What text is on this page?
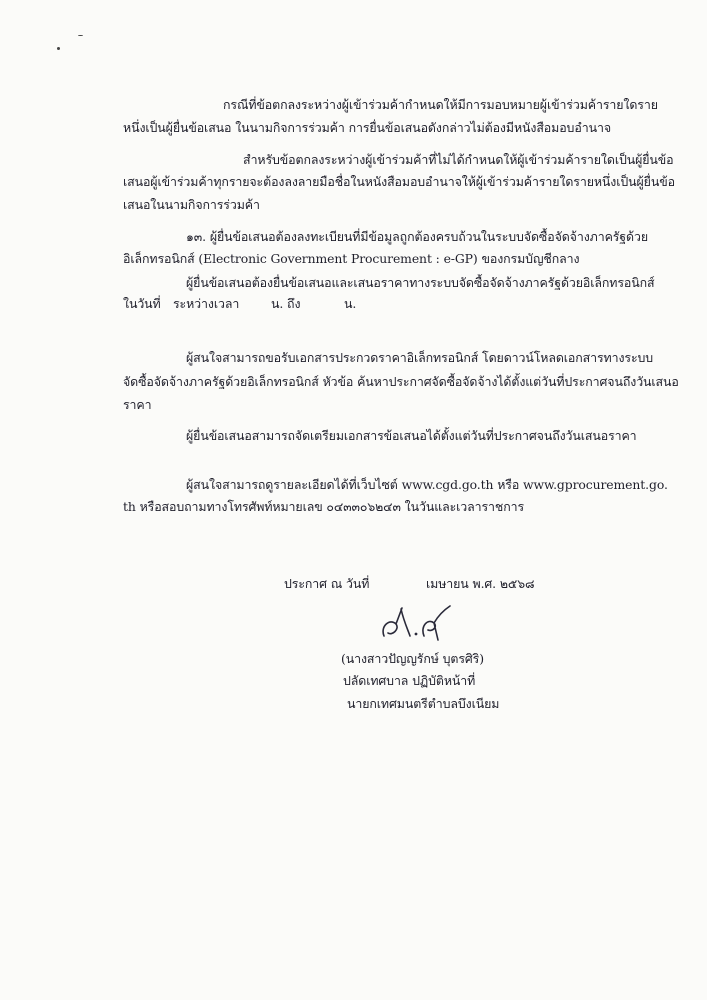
กรณีที่ข้อตกลงระหว่างผู้เข้าร่วมค้ากำหนดให้มีการมอบหมายผู้เข้าร่วมค้ารายใดราย
หนึ่งเป็นผู้ยื่นข้อเสนอ ในนามกิจการร่วมค้า การยื่นข้อเสนอดังกล่าวไม่ต้องมีหนังสือมอบอำนาจ
สำหรับข้อตกลงระหว่างผู้เข้าร่วมค้าที่ไม่ได้กำหนดให้ผู้เข้าร่วมค้ารายใดเป็นผู้ยื่นข้อ
เสนอผู้เข้าร่วมค้าทุกรายจะต้องลงลายมือชื่อในหนังสือมอบอำนาจให้ผู้เข้าร่วมค้ารายใดรายหนึ่งเป็นผู้ยื่นข้อ
เสนอในนามกิจการร่วมค้า
๑๓. ผู้ยื่นข้อเสนอต้องลงทะเบียนที่มีข้อมูลถูกต้องครบถ้วนในระบบจัดซื้อจัดจ้างภาครัฐด้วย
อิเล็กทรอนิกส์ (Electronic Government Procurement : e-GP) ของกรมบัญชีกลาง
ผู้ยื่นข้อเสนอต้องยื่นข้อเสนอและเสนอราคาทางระบบจัดซื้อจัดจ้างภาครัฐด้วยอิเล็กทรอนิกส์
ในวันที่ ระหว่างเวลา	น. ถึง	น.
ผู้สนใจสามารถขอรับเอกสารประกวดราคาอิเล็กทรอนิกส์ โดยดาวน์โหลดเอกสารทางระบบ
จัดซื้อจัดจ้างภาครัฐด้วยอิเล็กทรอนิกส์ หัวข้อ ค้นหาประกาศจัดซื้อจัดจ้างได้ตั้งแต่วันที่ประกาศจนถึงวันเสนอ
ราคา
ผู้ยื่นข้อเสนอสามารถจัดเตรียมเอกสารข้อเสนอได้ตั้งแต่วันที่ประกาศจนถึงวันเสนอราคา
ผู้สนใจสามารถดูรายละเอียดได้ที่เว็บไซต์ www.cgd.go.th หรือ www.gprocurement.go.
th หรือสอบถามทางโทรศัพท์หมายเลข ๐๔๓๓๐๖๒๔๓ ในวันและเวลาราชการ
ประกาศ ณ วันที่	เมษายน พ.ศ. ๒๕๖๘
(นางสาวปัญญรักษ์ บุตรศิริ)
ปลัดเทศบาล ปฏิบัติหน้าที่
นายกเทศมนตรีตำบลบึงเนียม
